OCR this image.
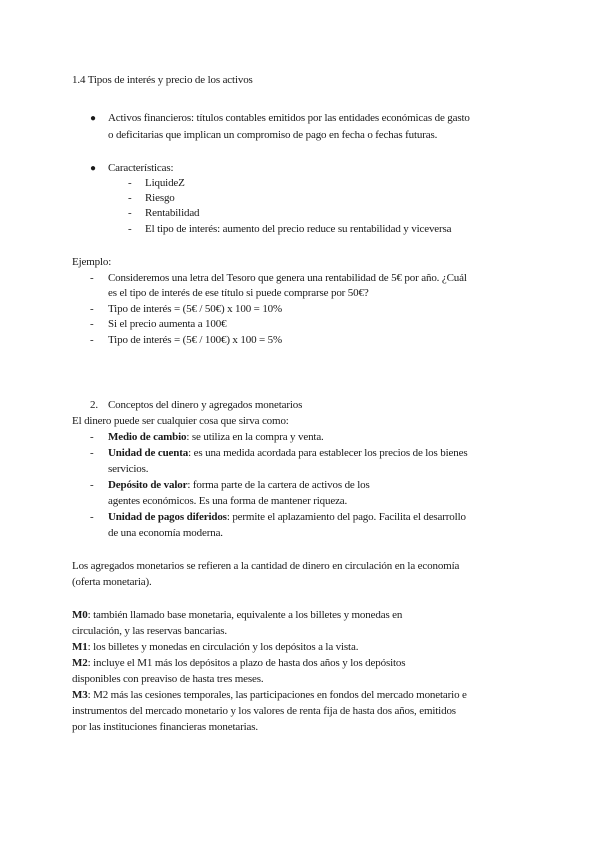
1.4 Tipos de interés y precio de los activos
● Activos financieros: títulos contables emitidos por las entidades económicas de gasto
o deficitarias que implican un compromiso de pago en fecha o fechas futuras.
● Características:
- LiquideZ
- Riesgo
- Rentabilidad
- El tipo de interés: aumento del precio reduce su rentabilidad y viceversa
Ejemplo:
- Consideremos una letra del Tesoro que genera una rentabilidad de 5€ por año. ¿Cuál
es el tipo de interés de ese título si puede comprarse por 50€?
- Tipo de interés = (5€ / 50€) x 100 = 10%
- Si el precio aumenta a 100€
- Tipo de interés = (5€ / 100€) x 100 = 5%
2. Conceptos del dinero y agregados monetarios
El dinero puede ser cualquier cosa que sirva como:
- Medio de cambio: se utiliza en la compra y venta.
- Unidad de cuenta: es una medida acordada para establecer los precios de los bienes
servicios.
- Depósito de valor: forma parte de la cartera de activos de los
agentes económicos. Es una forma de mantener riqueza.
- Unidad de pagos diferidos: permite el aplazamiento del pago. Facilita el desarrollo
de una economía moderna.
Los agregados monetarios se refieren a la cantidad de dinero en circulación en la economía
(oferta monetaria).
M0: también llamado base monetaria, equivalente a los billetes y monedas en
circulación, y las reservas bancarias.
M1: los billetes y monedas en circulación y los depósitos a la vista.
M2: incluye el M1 más los depósitos a plazo de hasta dos años y los depósitos
disponibles con preaviso de hasta tres meses.
M3: M2 más las cesiones temporales, las participaciones en fondos del mercado monetario e
instrumentos del mercado monetario y los valores de renta fija de hasta dos años, emitidos
por las instituciones financieras monetarias.
